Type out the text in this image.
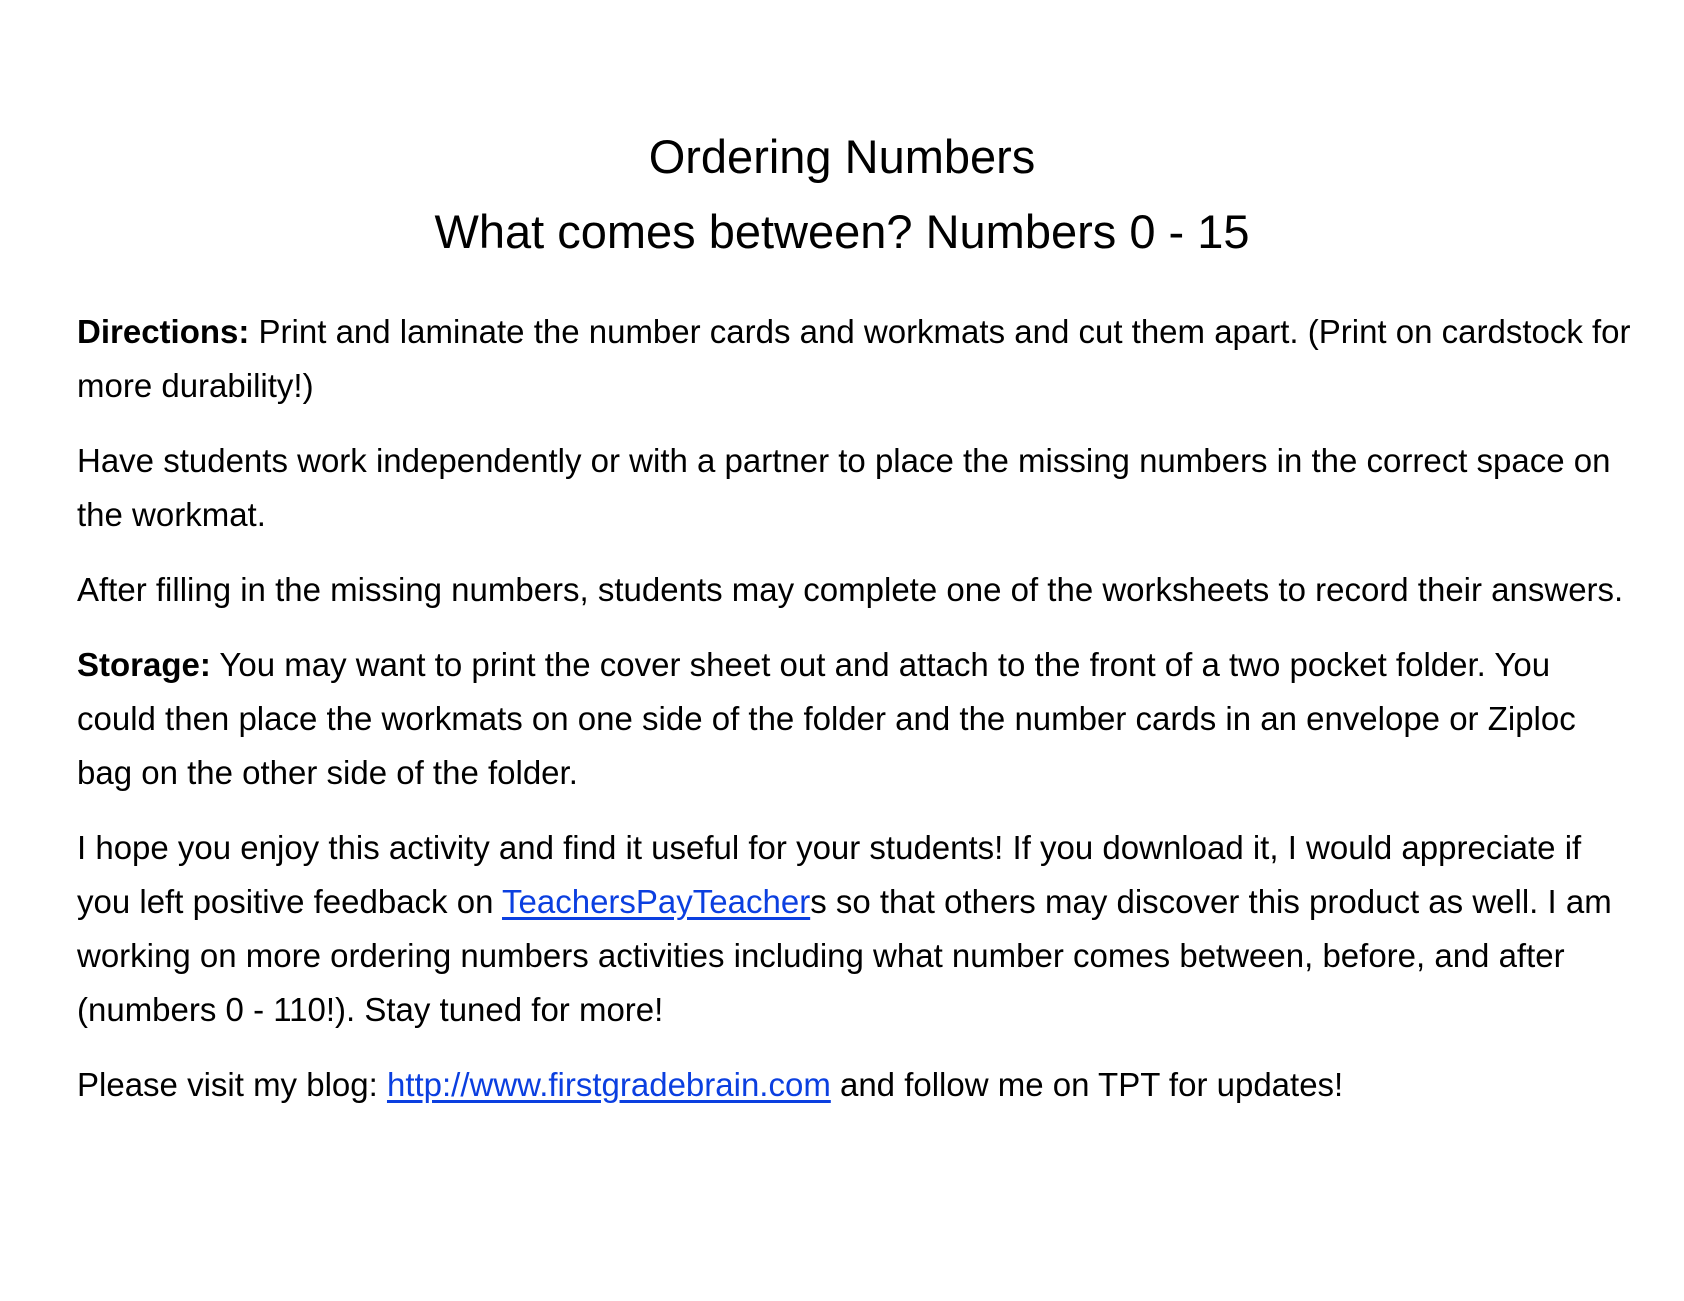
Ordering Numbers
What comes between? Numbers 0 - 15

Directions: Print and laminate the number cards and workmats and cut them apart. (Print on cardstock for more durability!)

Have students work independently or with a partner to place the missing numbers in the correct space on the workmat.

After filling in the missing numbers, students may complete one of the worksheets to record their answers.

Storage: You may want to print the cover sheet out and attach to the front of a two pocket folder. You could then place the workmats on one side of the folder and the number cards in an envelope or Ziploc bag on the other side of the folder.

I hope you enjoy this activity and find it useful for your students! If you download it, I would appreciate if you left positive feedback on TeachersPayTeachers so that others may discover this product as well. I am working on more ordering numbers activities including what number comes between, before, and after (numbers 0 - 110!). Stay tuned for more!

Please visit my blog: http://www.firstgradebrain.com and follow me on TPT for updates!
